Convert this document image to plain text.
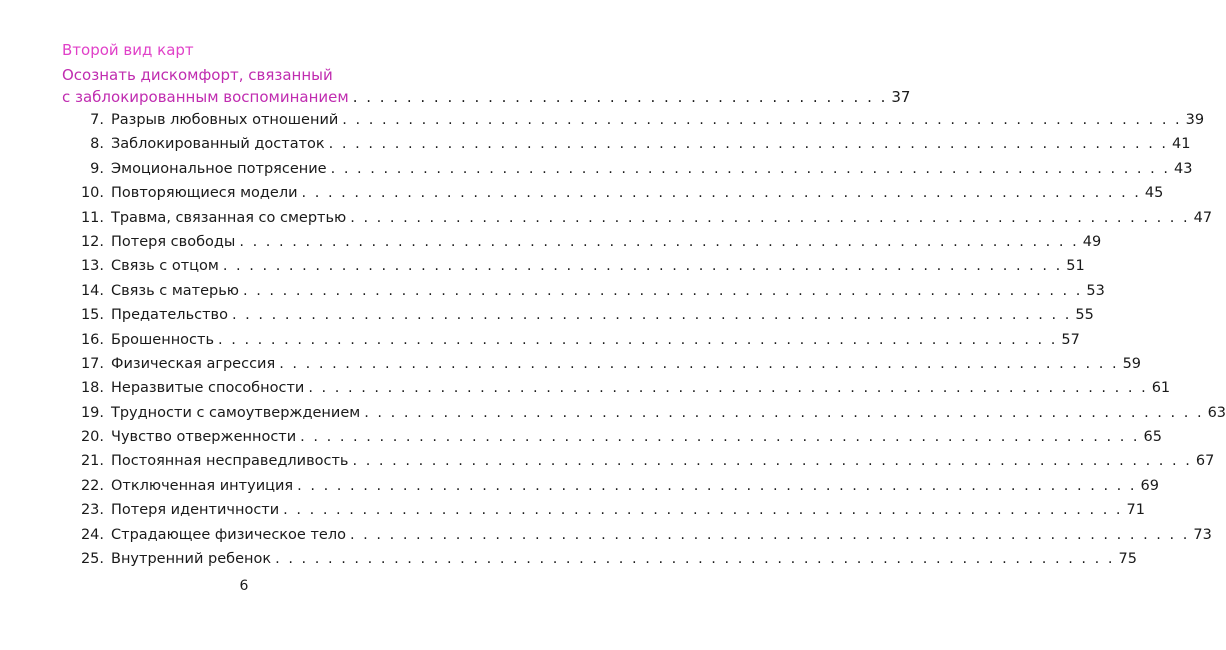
Второй вид карт
Осознать дискомфорт, связанный
с заблокированным воспоминанием . . . . . . . . . . . . . . . . . . . . . . . . . . . . . . . . . . . . . . . . 37
7. Разрыв любовных отношений . . . . . . . . . . . . . . . . . . . . . . . . . . . . . . . . . . . . . . . . . . . . . . . . . . . . . . . . . . . . . . . . 39
8. Заблокированный достаток . . . . . . . . . . . . . . . . . . . . . . . . . . . . . . . . . . . . . . . . . . . . . . . . . . . . . . . . . . . . . . . . 41
9. Эмоциональное потрясение . . . . . . . . . . . . . . . . . . . . . . . . . . . . . . . . . . . . . . . . . . . . . . . . . . . . . . . . . . . . . . . . 43
10. Повторяющиеся модели . . . . . . . . . . . . . . . . . . . . . . . . . . . . . . . . . . . . . . . . . . . . . . . . . . . . . . . . . . . . . . . . 45
11. Травма, связанная со смертью . . . . . . . . . . . . . . . . . . . . . . . . . . . . . . . . . . . . . . . . . . . . . . . . . . . . . . . . . . . . . . . . 47
12. Потеря свободы . . . . . . . . . . . . . . . . . . . . . . . . . . . . . . . . . . . . . . . . . . . . . . . . . . . . . . . . . . . . . . . . 49
13. Связь с отцом . . . . . . . . . . . . . . . . . . . . . . . . . . . . . . . . . . . . . . . . . . . . . . . . . . . . . . . . . . . . . . . . 51
14. Связь с матерью . . . . . . . . . . . . . . . . . . . . . . . . . . . . . . . . . . . . . . . . . . . . . . . . . . . . . . . . . . . . . . . . 53
15. Предательство . . . . . . . . . . . . . . . . . . . . . . . . . . . . . . . . . . . . . . . . . . . . . . . . . . . . . . . . . . . . . . . . 55
16. Брошенность . . . . . . . . . . . . . . . . . . . . . . . . . . . . . . . . . . . . . . . . . . . . . . . . . . . . . . . . . . . . . . . . 57
17. Физическая агрессия . . . . . . . . . . . . . . . . . . . . . . . . . . . . . . . . . . . . . . . . . . . . . . . . . . . . . . . . . . . . . . . . 59
18. Неразвитые способности . . . . . . . . . . . . . . . . . . . . . . . . . . . . . . . . . . . . . . . . . . . . . . . . . . . . . . . . . . . . . . . . 61
19. Трудности с самоутверждением . . . . . . . . . . . . . . . . . . . . . . . . . . . . . . . . . . . . . . . . . . . . . . . . . . . . . . . . . . . . . . . . 63
20. Чувство отверженности . . . . . . . . . . . . . . . . . . . . . . . . . . . . . . . . . . . . . . . . . . . . . . . . . . . . . . . . . . . . . . . . 65
21. Постоянная несправедливость . . . . . . . . . . . . . . . . . . . . . . . . . . . . . . . . . . . . . . . . . . . . . . . . . . . . . . . . . . . . . . . . 67
22. Отключенная интуиция . . . . . . . . . . . . . . . . . . . . . . . . . . . . . . . . . . . . . . . . . . . . . . . . . . . . . . . . . . . . . . . . 69
23. Потеря идентичности . . . . . . . . . . . . . . . . . . . . . . . . . . . . . . . . . . . . . . . . . . . . . . . . . . . . . . . . . . . . . . . . 71
24. Страдающее физическое тело . . . . . . . . . . . . . . . . . . . . . . . . . . . . . . . . . . . . . . . . . . . . . . . . . . . . . . . . . . . . . . . . 73
25. Внутренний ребенок . . . . . . . . . . . . . . . . . . . . . . . . . . . . . . . . . . . . . . . . . . . . . . . . . . . . . . . . . . . . . . . . 75
6
